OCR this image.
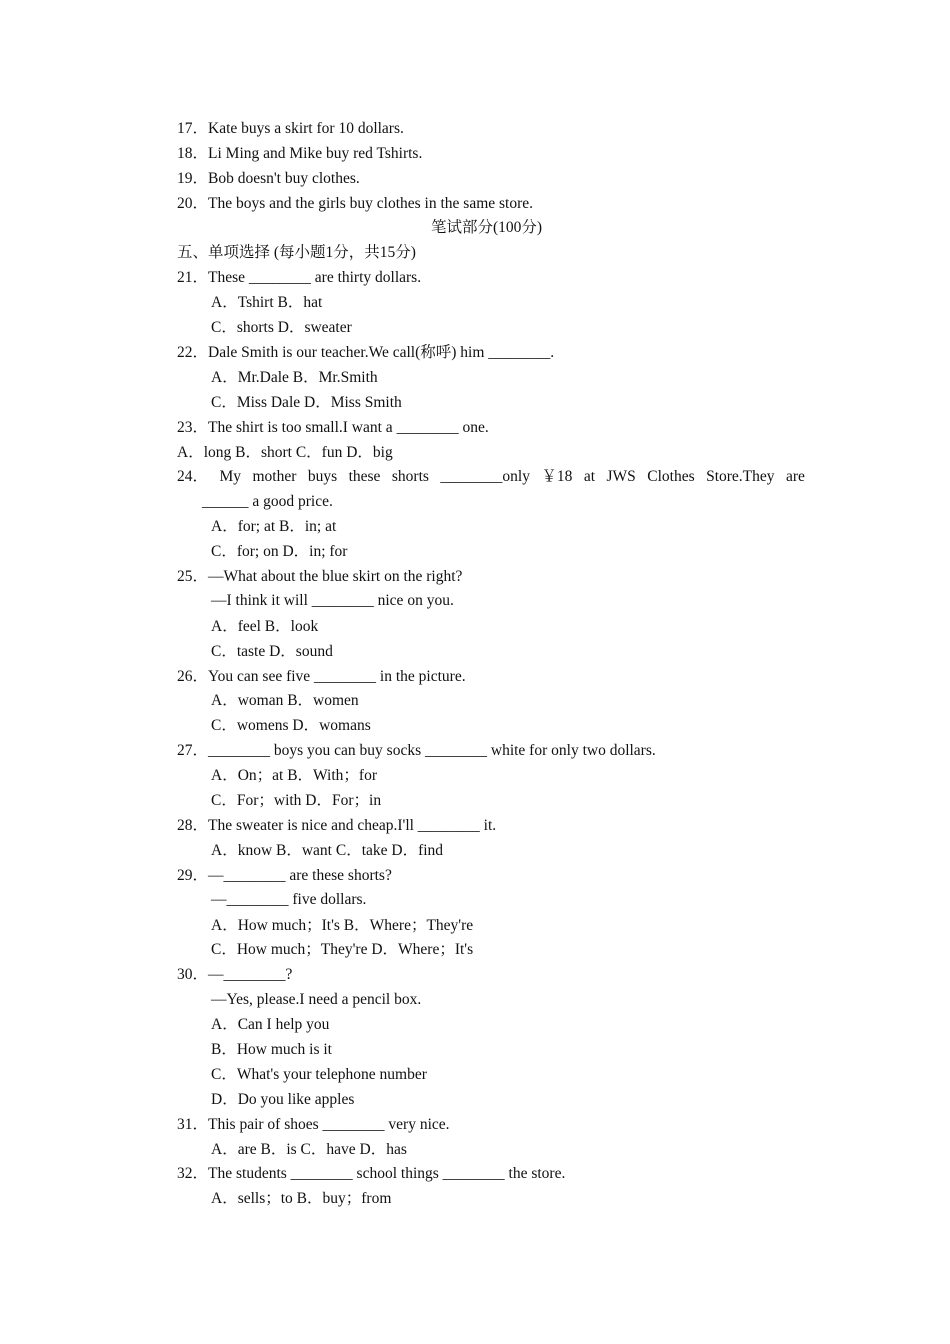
17．Kate buys a skirt for 10 dollars.
18．Li Ming and Mike buy red Tshirts.
19．Bob doesn't buy clothes.
20．The boys and the girls buy clothes in the same store.
笔试部分(100分)
五、单项选择 (每小题1分，共15分)
21．These ________ are thirty dollars.
A．Tshirt B．hat
C．shorts D．sweater
22．Dale Smith is our teacher.We call(称呼) him ________.
A．Mr.Dale B．Mr.Smith
C．Miss Dale D．Miss Smith
23．The shirt is too small.I want a ________ one.
A．long B．short C．fun D．big
24． My mother buys these shorts ________only ￥18 at JWS Clothes Store.They are
______ a good price.
A．for; at B．in; at
C．for; on D．in; for
25．—What about the blue skirt on the right?
—I think it will ________ nice on you.
A．feel B．look
C．taste D．sound
26．You can see five ________ in the picture.
A．woman B．women
C．womens D．womans
27．________ boys you can buy socks ________ white for only two dollars.
A．On；at B．With；for
C．For；with D．For；in
28．The sweater is nice and cheap.I'll ________ it.
A．know B．want C．take D．find
29．—________ are these shorts?
—________ five dollars.
A．How much；It's B．Where；They're
C．How much；They're D．Where；It's
30．—________?
—Yes, please.I need a pencil box.
A．Can I help you
B．How much is it
C．What's your telephone number
D．Do you like apples
31．This pair of shoes ________ very nice.
A．are B．is C．have D．has
32．The students ________ school things ________ the store.
A．sells；to B．buy；from
